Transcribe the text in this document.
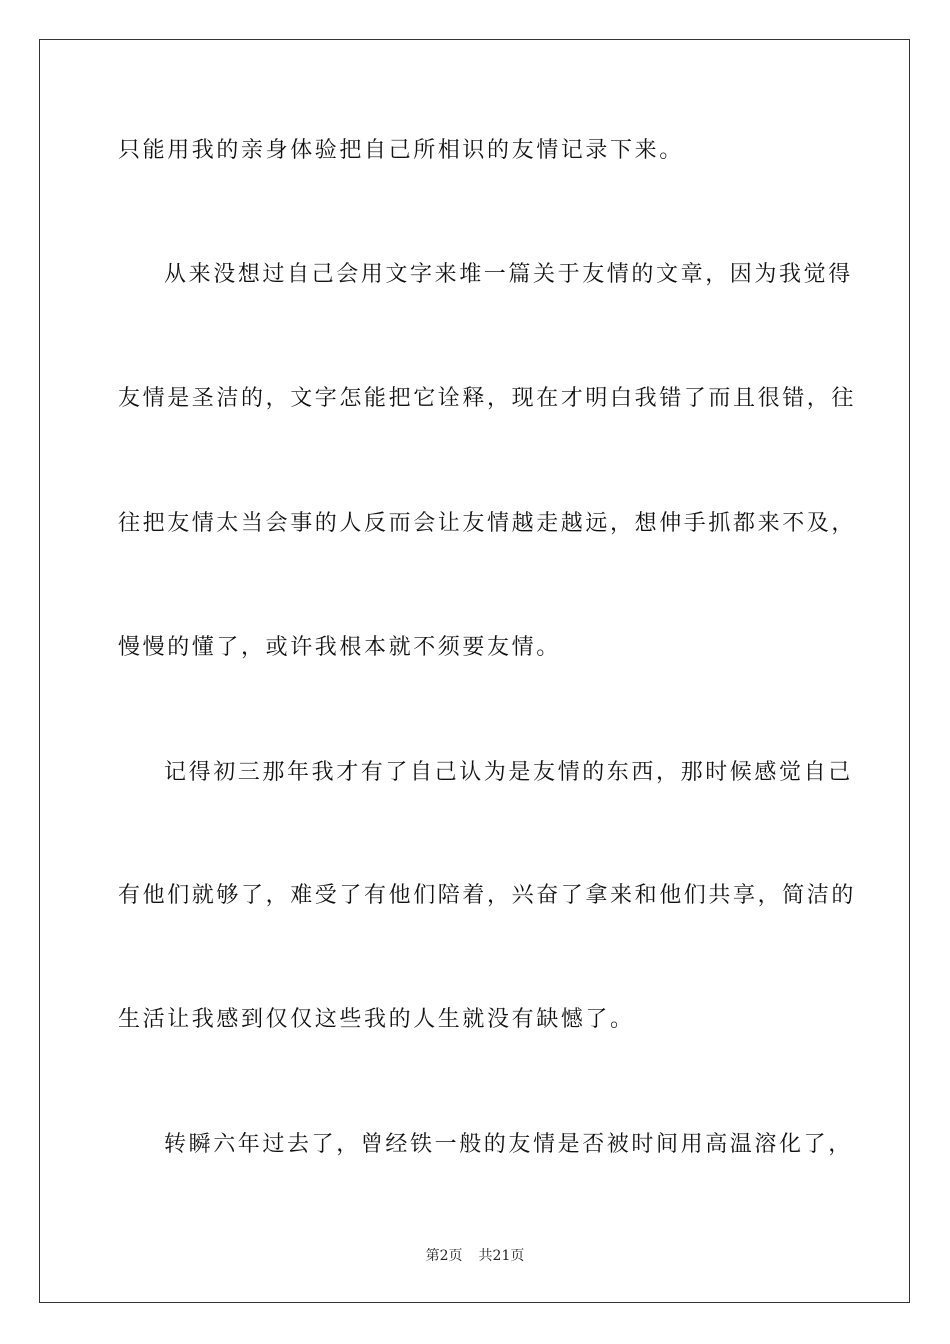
只能用我的亲身体验把自己所相识的友情记录下来。
从来没想过自己会用文字来堆一篇关于友情的文章，因为我觉得
友情是圣洁的，文字怎能把它诠释，现在才明白我错了而且很错，往
往把友情太当会事的人反而会让友情越走越远，想伸手抓都来不及，
慢慢的懂了，或许我根本就不须要友情。
记得初三那年我才有了自己认为是友情的东西，那时候感觉自己
有他们就够了，难受了有他们陪着，兴奋了拿来和他们共享，简洁的
生活让我感到仅仅这些我的人生就没有缺憾了。
转瞬六年过去了，曾经铁一般的友情是否被时间用高温溶化了，
第2页 共21页
